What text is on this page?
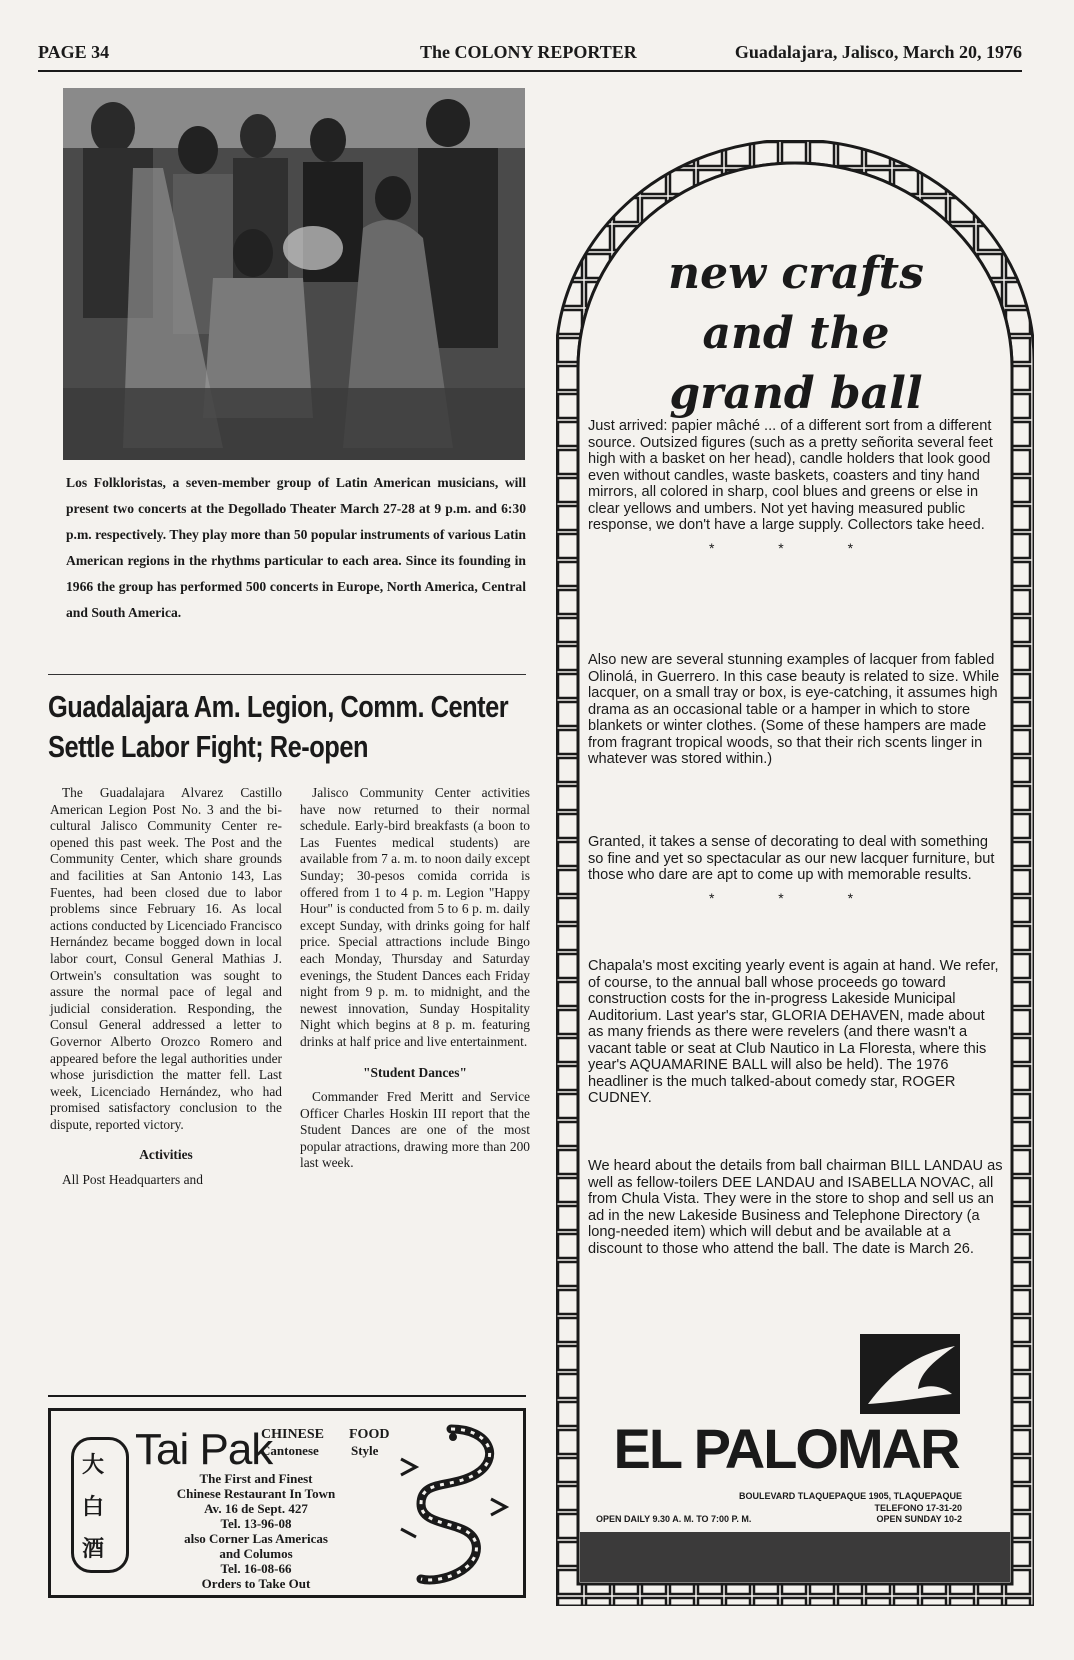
PAGE 34	The COLONY REPORTER	Guadalajara, Jalisco, March 20, 1976
Los Folkloristas, a seven-member group of Latin American musicians, will present two concerts at the Degollado Theater March 27-28 at 9 p.m. and 6:30 p.m. respectively. They play more than 50 popular instruments of various Latin American regions in the rhythms particular to each area. Since its founding in 1966 the group has performed 500 concerts in Europe, North America, Central and South America.
Guadalajara Am. Legion, Comm. Center Settle Labor Fight; Re-open

The Guadalajara Alvarez Castillo American Legion Post No. 3 and the bi-cultural Jalisco Community Center re-opened this past week. The Post and the Community Center, which share grounds and facilities at San Antonio 143, Las Fuentes, had been closed due to labor problems since February 16. As local actions conducted by Licenciado Francisco Hernández became bogged down in local labor court, Consul General Mathias J. Ortwein's consultation was sought to assure the normal pace of legal and judicial consideration. Responding, the Consul General addressed a letter to Governor Alberto Orozco Romero and appeared before the legal authorities under whose jurisdiction the matter fell. Last week, Licenciado Hernández, who had promised satisfactory conclusion to the dispute, reported victory.

Activities

All Post Headquarters and

Jalisco Community Center activities have now returned to their normal schedule. Early-bird breakfasts (a boon to Las Fuentes medical students) are available from 7 a. m. to noon daily except Sunday; 30-pesos comida corrida is offered from 1 to 4 p. m. Legion "Happy Hour" is conducted from 5 to 6 p. m. daily except Sunday, with drinks going for half price. Special attractions include Bingo each Monday, Thursday and Saturday evenings, the Student Dances each Friday night from 9 p. m. to midnight, and the newest innovation, Sunday Hospitality Night which begins at 8 p. m. featuring drinks at half price and live entertainment.

"Student Dances"

Commander Fred Meritt and Service Officer Charles Hoskin III report that the Student Dances are one of the most popular atractions, drawing more than 200 last week.

大
白
酒
Tai Pak
CHINESE FOOD
Cantonese Style
The First and Finest
Chinese Restaurant In Town
Av. 16 de Sept. 427
Tel. 13-96-08
also Corner Las Americas
and Columos
Tel. 16-08-66
Orders to Take Out
new crafts
and the
grand ball

Just arrived: papier mâché ... of a different sort from a different source. Outsized figures (such as a pretty señorita several feet high with a basket on her head), candle holders that look good even without candles, waste baskets, coasters and tiny hand mirrors, all colored in sharp, cool blues and greens or else in clear yellows and umbers. Not yet having measured public response, we don't have a large supply. Collectors take heed.

* * *

Also new are several stunning examples of lacquer from fabled Olinolá, in Guerrero. In this case beauty is related to size. While lacquer, on a small tray or box, is eye-catching, it assumes high drama as an occasional table or a hamper in which to store blankets or winter clothes. (Some of these hampers are made from fragrant tropical woods, so that their rich scents linger in whatever was stored within.)

Granted, it takes a sense of decorating to deal with something so fine and yet so spectacular as our new lacquer furniture, but those who dare are apt to come up with memorable results.

* * *

Chapala's most exciting yearly event is again at hand. We refer, of course, to the annual ball whose proceeds go toward construction costs for the in-progress Lakeside Municipal Auditorium. Last year's star, GLORIA DEHAVEN, made about as many friends as there were revelers (and there wasn't a vacant table or seat at Club Nautico in La Floresta, where this year's AQUAMARINE BALL will also be held). The 1976 headliner is the much talked-about comedy star, ROGER CUDNEY.

We heard about the details from ball chairman BILL LANDAU as well as fellow-toilers DEE LANDAU and ISABELLA NOVAC, all from Chula Vista. They were in the store to shop and sell us an ad in the new Lakeside Business and Telephone Directory (a long-needed item) which will debut and be available at a discount to those who attend the ball. The date is March 26.

EL PALOMAR
BOULEVARD TLAQUEPAQUE 1905, TLAQUEPAQUE
TELEFONO 17-31-20
OPEN DAILY 9.30 A. M. TO 7:00 P. M.	OPEN SUNDAY 10-2
